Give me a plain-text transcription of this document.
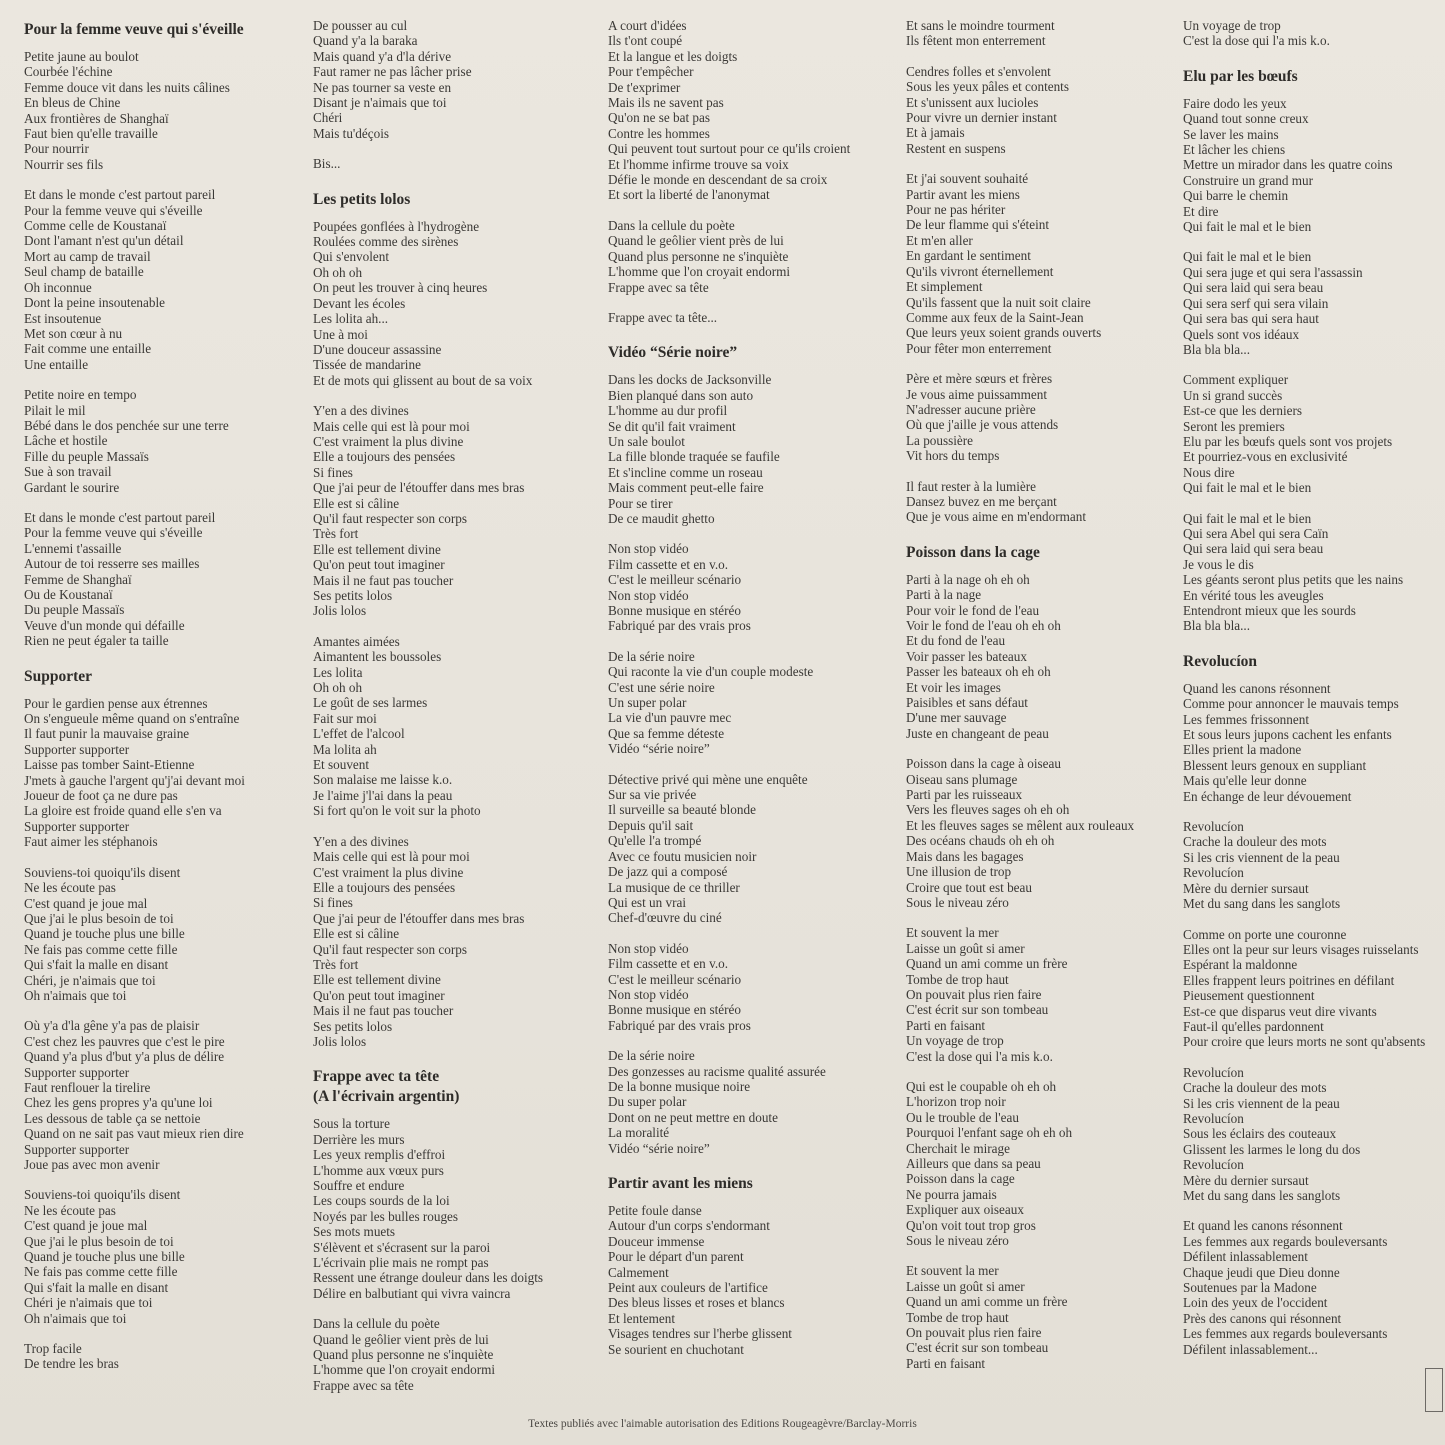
Pour la femme veuve qui s'éveille
Petite jaune au boulot
Courbée l'échine
Femme douce vit dans les nuits câlines
En bleus de Chine
Aux frontières de Shanghaï
Faut bien qu'elle travaille
Pour nourrir
Nourrir ses fils
Et dans le monde c'est partout pareil
Pour la femme veuve qui s'éveille
Comme celle de Koustanaï
Dont l'amant n'est qu'un détail
Mort au camp de travail
Seul champ de bataille
Oh inconnue
Dont la peine insoutenable
Est insoutenue
Met son cœur à nu
Fait comme une entaille
Une entaille
Petite noire en tempo
Pilait le mil
Bébé dans le dos penchée sur une terre
Lâche et hostile
Fille du peuple Massaïs
Sue à son travail
Gardant le sourire
Et dans le monde c'est partout pareil
Pour la femme veuve qui s'éveille
L'ennemi t'assaille
Autour de toi resserre ses mailles
Femme de Shanghaï
Ou de Koustanaï
Du peuple Massaïs
Veuve d'un monde qui défaille
Rien ne peut égaler ta taille
Supporter
Pour le gardien pense aux étrennes
On s'engueule même quand on s'entraîne
Il faut punir la mauvaise graine
Supporter supporter
Laisse pas tomber Saint-Etienne
J'mets à gauche l'argent qu'j'ai devant moi
Joueur de foot ça ne dure pas
La gloire est froide quand elle s'en va
Supporter supporter
Faut aimer les stéphanois
Souviens-toi quoiqu'ils disent
Ne les écoute pas
C'est quand je joue mal
Que j'ai le plus besoin de toi
Quand je touche plus une bille
Ne fais pas comme cette fille
Qui s'fait la malle en disant
Chéri, je n'aimais que toi
Oh n'aimais que toi
Où y'a d'la gêne y'a pas de plaisir
C'est chez les pauvres que c'est le pire
Quand y'a plus d'but y'a plus de délire
Supporter supporter
Faut renflouer la tirelire
Chez les gens propres y'a qu'une loi
Les dessous de table ça se nettoie
Quand on ne sait pas vaut mieux rien dire
Supporter supporter
Joue pas avec mon avenir
Souviens-toi quoiqu'ils disent
Ne les écoute pas
C'est quand je joue mal
Que j'ai le plus besoin de toi
Quand je touche plus une bille
Ne fais pas comme cette fille
Qui s'fait la malle en disant
Chéri je n'aimais que toi
Oh n'aimais que toi
Trop facile
De tendre les bras
De pousser au cul
Quand y'a la baraka
Mais quand y'a d'la dérive
Faut ramer ne pas lâcher prise
Ne pas tourner sa veste en
Disant je n'aimais que toi
Chéri
Mais tu'déçois
Bis...
Les petits lolos
Poupées gonflées à l'hydrogène
Roulées comme des sirènes
Qui s'envolent
Oh oh oh
On peut les trouver à cinq heures
Devant les écoles
Les lolita ah...
Une à moi
D'une douceur assassine
Tissée de mandarine
Et de mots qui glissent au bout de sa voix
Y'en a des divines
Mais celle qui est là pour moi
C'est vraiment la plus divine
Elle a toujours des pensées
Si fines
Que j'ai peur de l'étouffer dans mes bras
Elle est si câline
Qu'il faut respecter son corps
Très fort
Elle est tellement divine
Qu'on peut tout imaginer
Mais il ne faut pas toucher
Ses petits lolos
Jolis lolos
Amantes aimées
Aimantent les boussoles
Les lolita
Oh oh oh
Le goût de ses larmes
Fait sur moi
L'effet de l'alcool
Ma lolita ah
Et souvent
Son malaise me laisse k.o.
Je l'aime j'l'ai dans la peau
Si fort qu'on le voit sur la photo
Y'en a des divines
Mais celle qui est là pour moi
C'est vraiment la plus divine
Elle a toujours des pensées
Si fines
Que j'ai peur de l'étouffer dans mes bras
Elle est si câline
Qu'il faut respecter son corps
Très fort
Elle est tellement divine
Qu'on peut tout imaginer
Mais il ne faut pas toucher
Ses petits lolos
Jolis lolos
Frappe avec ta tête
(A l'écrivain argentin)
Sous la torture
Derrière les murs
Les yeux remplis d'effroi
L'homme aux vœux purs
Souffre et endure
Les coups sourds de la loi
Noyés par les bulles rouges
Ses mots muets
S'élèvent et s'écrasent sur la paroi
L'écrivain plie mais ne rompt pas
Ressent une étrange douleur dans les doigts
Délire en balbutiant qui vivra vaincra
Dans la cellule du poète
Quand le geôlier vient près de lui
Quand plus personne ne s'inquiète
L'homme que l'on croyait endormi
Frappe avec sa tête
A court d'idées
Ils t'ont coupé
Et la langue et les doigts
Pour t'empêcher
De t'exprimer
Mais ils ne savent pas
Qu'on ne se bat pas
Contre les hommes
Qui peuvent tout surtout pour ce qu'ils croient
Et l'homme infirme trouve sa voix
Défie le monde en descendant de sa croix
Et sort la liberté de l'anonymat
Dans la cellule du poète
Quand le geôlier vient près de lui
Quand plus personne ne s'inquiète
L'homme que l'on croyait endormi
Frappe avec sa tête
Frappe avec ta tête...
Vidéo “Série noire”
Dans les docks de Jacksonville
Bien planqué dans son auto
L'homme au dur profil
Se dit qu'il fait vraiment
Un sale boulot
La fille blonde traquée se faufile
Et s'incline comme un roseau
Mais comment peut-elle faire
Pour se tirer
De ce maudit ghetto
Non stop vidéo
Film cassette et en v.o.
C'est le meilleur scénario
Non stop vidéo
Bonne musique en stéréo
Fabriqué par des vrais pros
De la série noire
Qui raconte la vie d'un couple modeste
C'est une série noire
Un super polar
La vie d'un pauvre mec
Que sa femme déteste
Vidéo “série noire”
Détective privé qui mène une enquête
Sur sa vie privée
Il surveille sa beauté blonde
Depuis qu'il sait
Qu'elle l'a trompé
Avec ce foutu musicien noir
De jazz qui a composé
La musique de ce thriller
Qui est un vrai
Chef-d'œuvre du ciné
Non stop vidéo
Film cassette et en v.o.
C'est le meilleur scénario
Non stop vidéo
Bonne musique en stéréo
Fabriqué par des vrais pros
De la série noire
Des gonzesses au racisme qualité assurée
De la bonne musique noire
Du super polar
Dont on ne peut mettre en doute
La moralité
Vidéo “série noire”
Partir avant les miens
Petite foule danse
Autour d'un corps s'endormant
Douceur immense
Pour le départ d'un parent
Calmement
Peint aux couleurs de l'artifice
Des bleus lisses et roses et blancs
Et lentement
Visages tendres sur l'herbe glissent
Se sourient en chuchotant
Et sans le moindre tourment
Ils fêtent mon enterrement
Cendres folles et s'envolent
Sous les yeux pâles et contents
Et s'unissent aux lucioles
Pour vivre un dernier instant
Et à jamais
Restent en suspens
Et j'ai souvent souhaité
Partir avant les miens
Pour ne pas hériter
De leur flamme qui s'éteint
Et m'en aller
En gardant le sentiment
Qu'ils vivront éternellement
Et simplement
Qu'ils fassent que la nuit soit claire
Comme aux feux de la Saint-Jean
Que leurs yeux soient grands ouverts
Pour fêter mon enterrement
Père et mère sœurs et frères
Je vous aime puissamment
N'adresser aucune prière
Où que j'aille je vous attends
La poussière
Vit hors du temps
Il faut rester à la lumière
Dansez buvez en me berçant
Que je vous aime en m'endormant
Poisson dans la cage
Parti à la nage oh eh oh
Parti à la nage
Pour voir le fond de l'eau
Voir le fond de l'eau oh eh oh
Et du fond de l'eau
Voir passer les bateaux
Passer les bateaux oh eh oh
Et voir les images
Paisibles et sans défaut
D'une mer sauvage
Juste en changeant de peau
Poisson dans la cage à oiseau
Oiseau sans plumage
Parti par les ruisseaux
Vers les fleuves sages oh eh oh
Et les fleuves sages se mêlent aux rouleaux
Des océans chauds oh eh oh
Mais dans les bagages
Une illusion de trop
Croire que tout est beau
Sous le niveau zéro
Et souvent la mer
Laisse un goût si amer
Quand un ami comme un frère
Tombe de trop haut
On pouvait plus rien faire
C'est écrit sur son tombeau
Parti en faisant
Un voyage de trop
C'est la dose qui l'a mis k.o.
Qui est le coupable oh eh oh
L'horizon trop noir
Ou le trouble de l'eau
Pourquoi l'enfant sage oh eh oh
Cherchait le mirage
Ailleurs que dans sa peau
Poisson dans la cage
Ne pourra jamais
Expliquer aux oiseaux
Qu'on voit tout trop gros
Sous le niveau zéro
Et souvent la mer
Laisse un goût si amer
Quand un ami comme un frère
Tombe de trop haut
On pouvait plus rien faire
C'est écrit sur son tombeau
Parti en faisant
Un voyage de trop
C'est la dose qui l'a mis k.o.
Elu par les bœufs
Faire dodo les yeux
Quand tout sonne creux
Se laver les mains
Et lâcher les chiens
Mettre un mirador dans les quatre coins
Construire un grand mur
Qui barre le chemin
Et dire
Qui fait le mal et le bien
Qui fait le mal et le bien
Qui sera juge et qui sera l'assassin
Qui sera laid qui sera beau
Qui sera serf qui sera vilain
Qui sera bas qui sera haut
Quels sont vos idéaux
Bla bla bla...
Comment expliquer
Un si grand succès
Est-ce que les derniers
Seront les premiers
Elu par les bœufs quels sont vos projets
Et pourriez-vous en exclusivité
Nous dire
Qui fait le mal et le bien
Qui fait le mal et le bien
Qui sera Abel qui sera Caïn
Qui sera laid qui sera beau
Je vous le dis
Les géants seront plus petits que les nains
En vérité tous les aveugles
Entendront mieux que les sourds
Bla bla bla...
Revolucíon
Quand les canons résonnent
Comme pour annoncer le mauvais temps
Les femmes frissonnent
Et sous leurs jupons cachent les enfants
Elles prient la madone
Blessent leurs genoux en suppliant
Mais qu'elle leur donne
En échange de leur dévouement
Revolucíon
Crache la douleur des mots
Si les cris viennent de la peau
Revolucíon
Mère du dernier sursaut
Met du sang dans les sanglots
Comme on porte une couronne
Elles ont la peur sur leurs visages ruisselants
Espérant la maldonne
Elles frappent leurs poitrines en défilant
Pieusement questionnent
Est-ce que disparus veut dire vivants
Faut-il qu'elles pardonnent
Pour croire que leurs morts ne sont qu'absents
Revolucíon
Crache la douleur des mots
Si les cris viennent de la peau
Revolucíon
Sous les éclairs des couteaux
Glissent les larmes le long du dos
Revolucíon
Mère du dernier sursaut
Met du sang dans les sanglots
Et quand les canons résonnent
Les femmes aux regards bouleversants
Défilent inlassablement
Chaque jeudi que Dieu donne
Soutenues par la Madone
Loin des yeux de l'occident
Près des canons qui résonnent
Les femmes aux regards bouleversants
Défilent inlassablement...
Textes publiés avec l'aimable autorisation des Editions Rougeagèvre/Barclay-Morris
